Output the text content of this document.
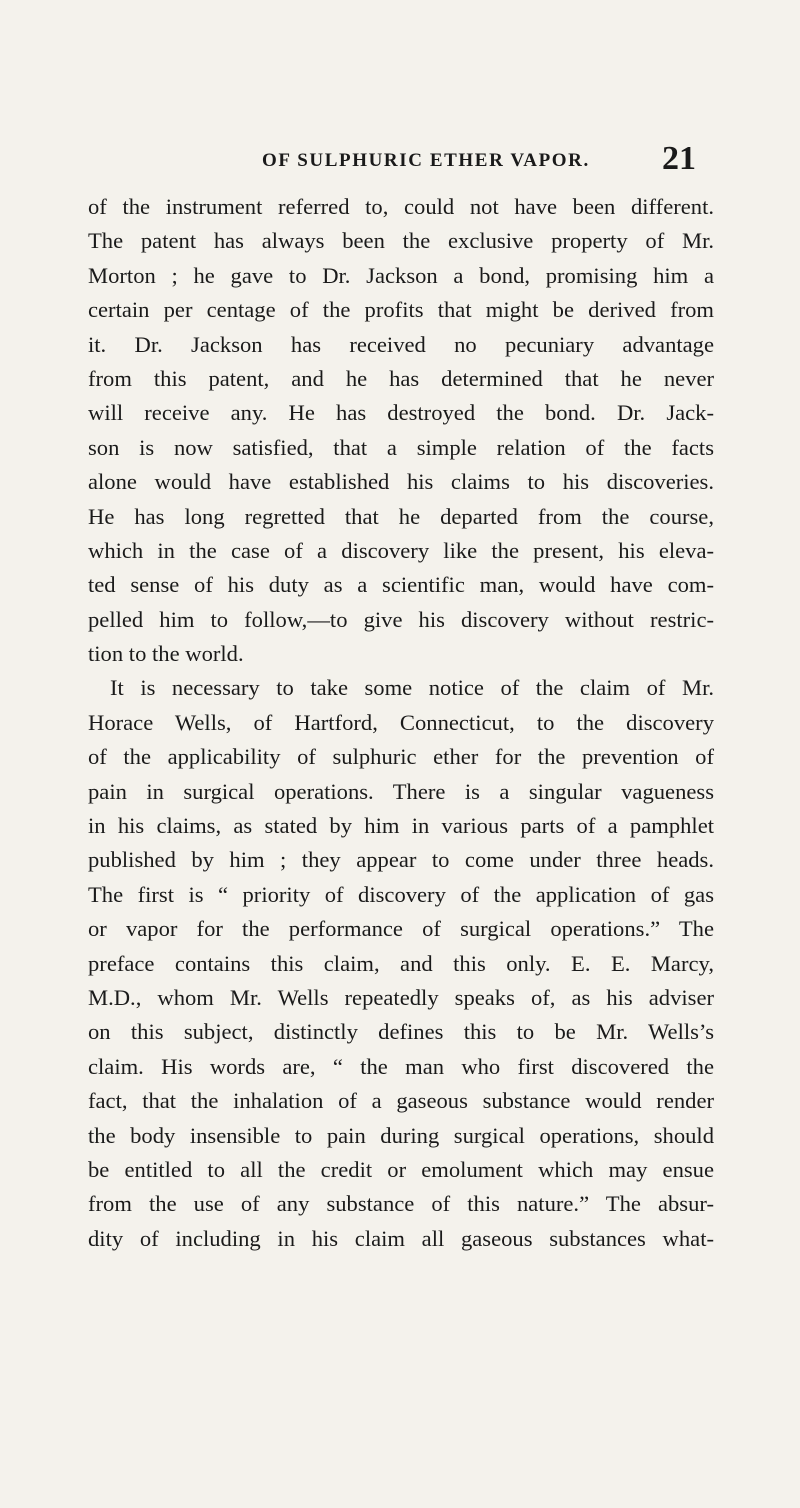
OF SULPHURIC ETHER VAPOR. 21
of the instrument referred to, could not have been different.
The patent has always been the exclusive property of Mr.
Morton ; he gave to Dr. Jackson a bond, promising him a
certain per centage of the profits that might be derived from
it. Dr. Jackson has received no pecuniary advantage
from this patent, and he has determined that he never
will receive any. He has destroyed the bond. Dr. Jack-
son is now satisfied, that a simple relation of the facts
alone would have established his claims to his discoveries.
He has long regretted that he departed from the course,
which in the case of a discovery like the present, his eleva-
ted sense of his duty as a scientific man, would have com-
pelled him to follow,—to give his discovery without restric-
tion to the world.
It is necessary to take some notice of the claim of Mr.
Horace Wells, of Hartford, Connecticut, to the discovery
of the applicability of sulphuric ether for the prevention of
pain in surgical operations. There is a singular vagueness
in his claims, as stated by him in various parts of a pamphlet
published by him ; they appear to come under three heads.
The first is “ priority of discovery of the application of gas
or vapor for the performance of surgical operations.” The
preface contains this claim, and this only. E. E. Marcy,
M.D., whom Mr. Wells repeatedly speaks of, as his adviser
on this subject, distinctly defines this to be Mr. Wells’s
claim. His words are, “ the man who first discovered the
fact, that the inhalation of a gaseous substance would render
the body insensible to pain during surgical operations, should
be entitled to all the credit or emolument which may ensue
from the use of any substance of this nature.” The absur-
dity of including in his claim all gaseous substances what-
